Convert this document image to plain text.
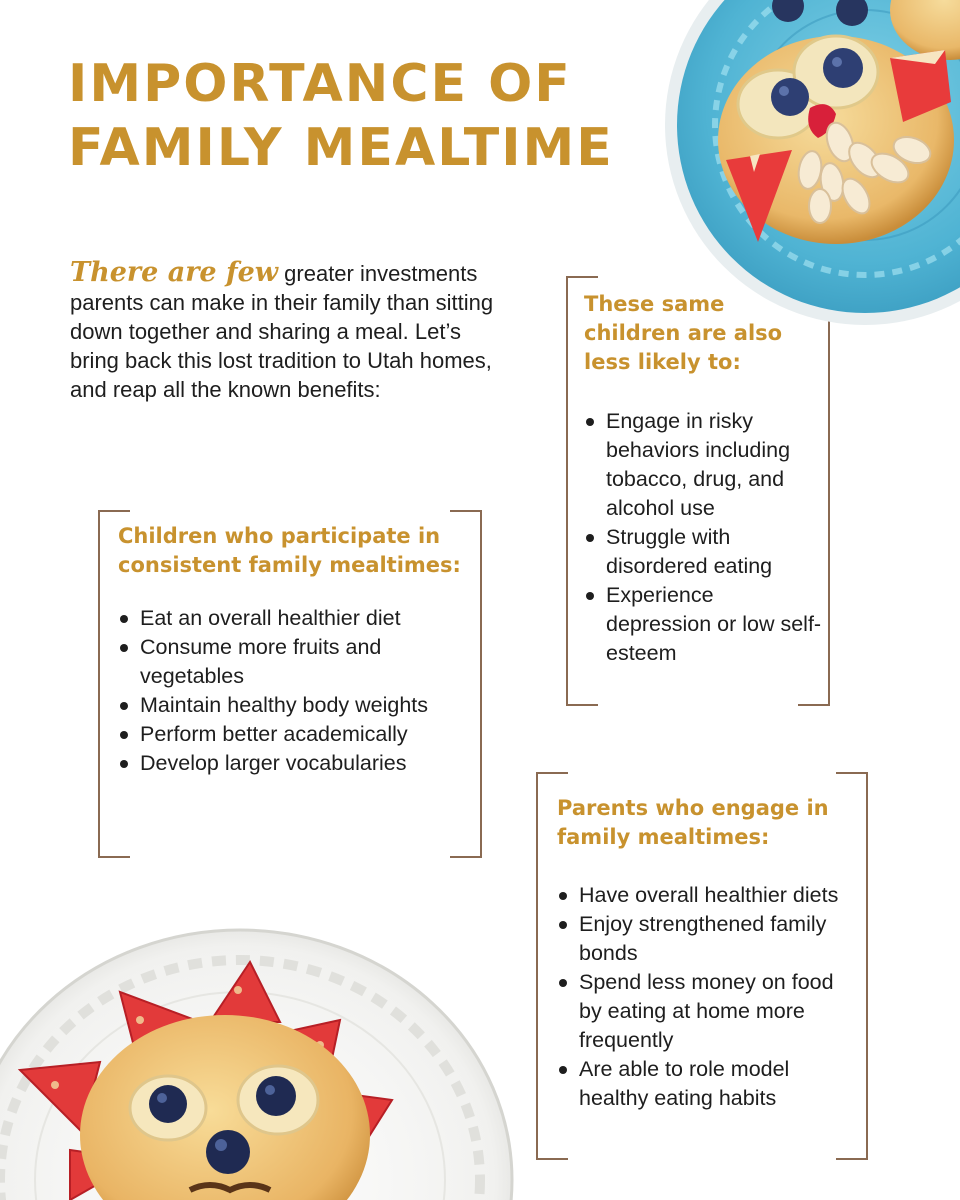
IMPORTANCE OF
FAMILY MEALTIME

There are few greater investments parents can make in their family than sitting down together and sharing a meal. Let’s bring back this lost tradition to Utah homes, and reap all the known benefits:

Children who participate in consistent family mealtimes:
Eat an overall healthier diet
Consume more fruits and vegetables
Maintain healthy body weights
Perform better academically
Develop larger vocabularies
These same children are also less likely to:
Engage in risky behaviors including tobacco, drug, and alcohol use
Struggle with disordered eating
Experience depression or low self-esteem
Parents who engage in family mealtimes:
Have overall healthier diets
Enjoy strengthened family bonds
Spend less money on food by eating at home more frequently
Are able to role model healthy eating habits
